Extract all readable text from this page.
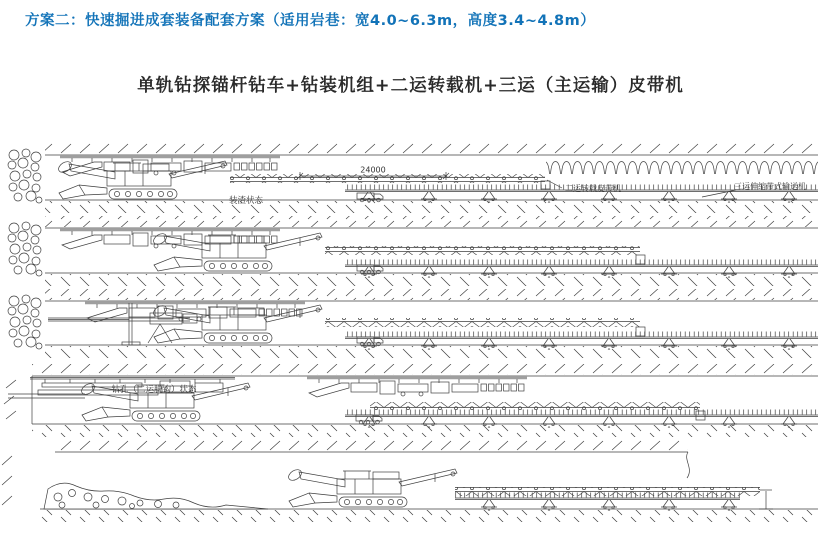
方案二：快速掘进成套装备配套方案（适用岩巷：宽4.0~6.3m，高度3.4~4.8m）
单轨钻探锚杆钻车+钻装机组+二运转载机+三运（主运输）皮带机
24000
装渣状态
二运转载皮带机	三运伸缩带式输送机
钻孔（二运脱钩）状态
